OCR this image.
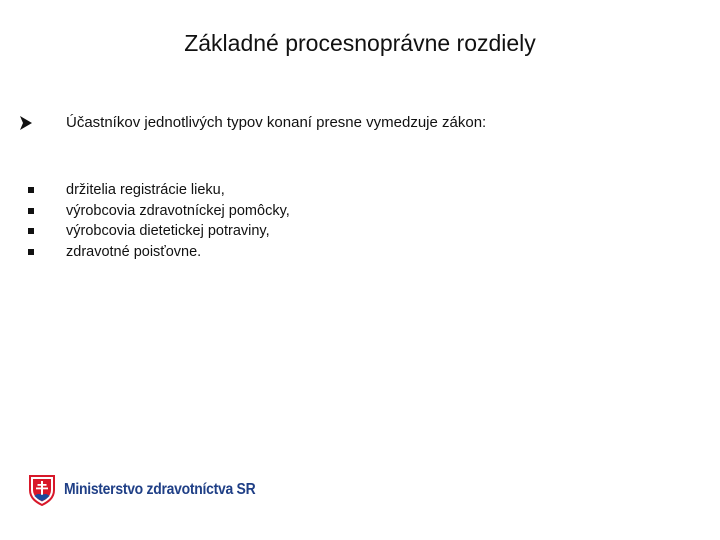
Základné procesnoprávne rozdiely
Účastníkov jednotlivých typov konaní presne vymedzuje zákon:
držitelia registrácie lieku,
výrobcovia zdravotníckej pomôcky,
výrobcovia dietetickej potraviny,
zdravotné poisťovne.
Ministerstvo zdravotníctva SR
